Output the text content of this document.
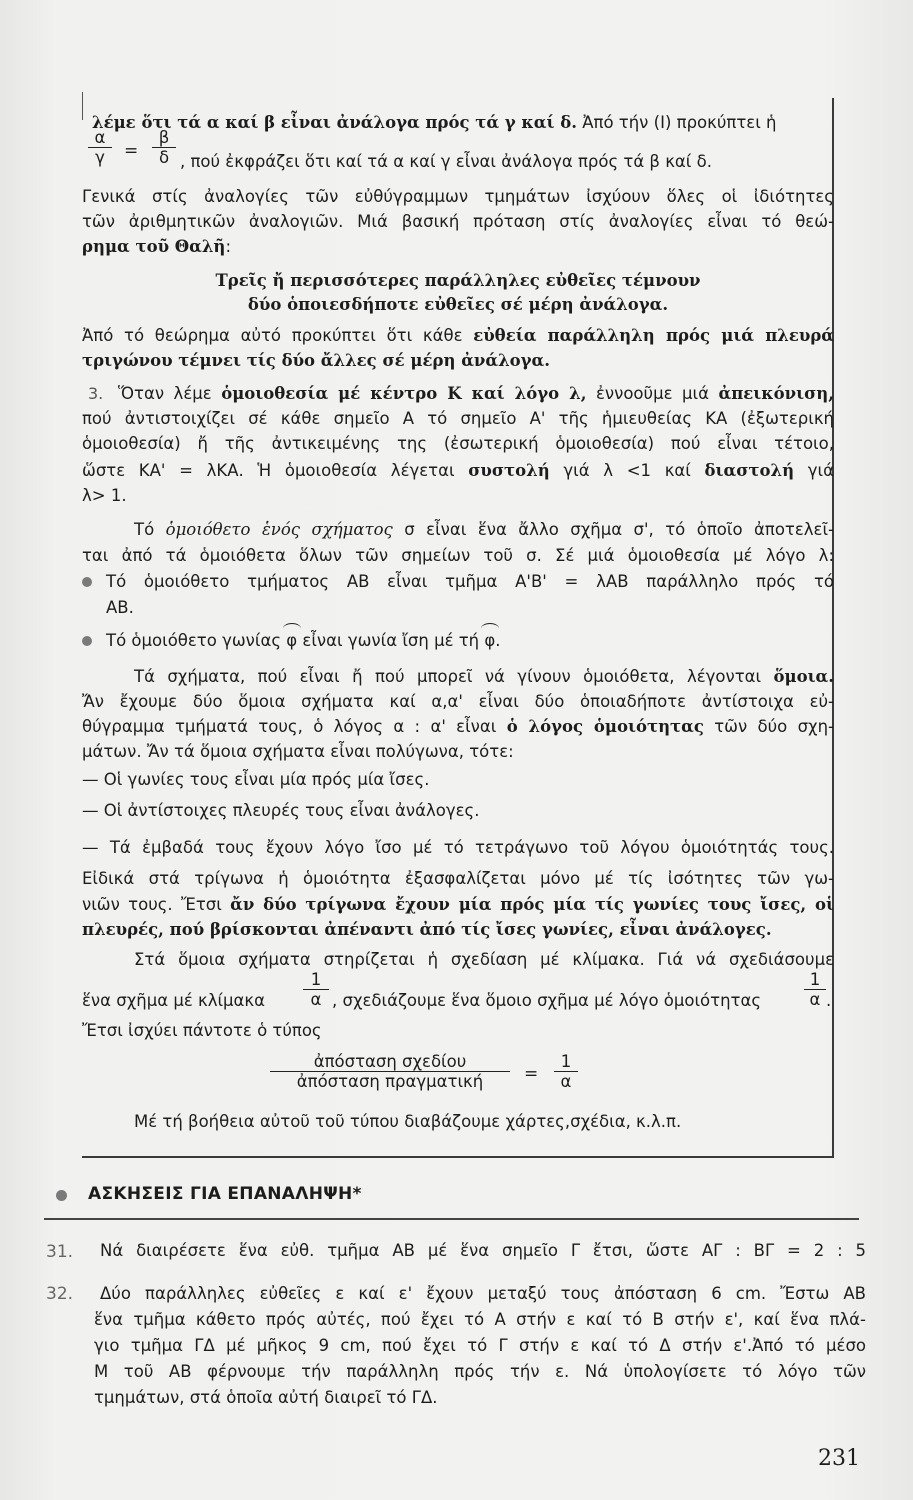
λέμε ὅτι τά α καί β εἶναι ἀνάλογα πρός τά γ καί δ. Ἀπό τήν (Ι) προκύπτει ἡ
$\frac{\alpha}{\gamma} = \frac{\beta}{\delta}$ , πού ἐκφράζει ὅτι καί τά α καί γ εἶναι ἀνάλογα πρός τά β καί δ.
Γενικά στίς ἀναλογίες τῶν εὐθύγραμμων τμημάτων ἰσχύουν ὅλες οἱ ἰδιότητες
τῶν ἀριθμητικῶν ἀναλογιῶν. Μιά βασική πρόταση στίς ἀναλογίες εἶναι τό θεώ-
ρημα τοῦ Θαλῆ:
Τρεῖς ἤ περισσότερες παράλληλες εὐθεῖες τέμνουν
δύο ὁποιεσδήποτε εὐθεῖες σέ μέρη ἀνάλογα.
Ἀπό τό θεώρημα αὐτό προκύπτει ὅτι κάθε εὐθεία παράλληλη πρός μιά πλευρά
τριγώνου τέμνει τίς δύο ἄλλες σέ μέρη ἀνάλογα.
3. Ὅταν λέμε ὁμοιοθεσία μέ κέντρο Κ καί λόγο λ, ἐννοοῦμε μιά ἀπεικόνιση,
πού ἀντιστοιχίζει σέ κάθε σημεῖο Α τό σημεῖο Α' τῆς ἡμιευθείας ΚΑ (ἐξωτερική
ὁμοιοθεσία) ἤ τῆς ἀντικειμένης της (ἐσωτερική ὁμοιοθεσία) πού εἶναι τέτοιο,
ὥστε ΚΑ' = λΚΑ. Ἡ ὁμοιοθεσία λέγεται συστολή γιά λ <1 καί διαστολή γιά
λ> 1.
Τό ὁμοιόθετο ἑνός σχήματος σ εἶναι ἕνα ἄλλο σχῆμα σ', τό ὁποῖο ἀποτελεῖ-
ται ἀπό τά ὁμοιόθετα ὅλων τῶν σημείων τοῦ σ. Σέ μιά ὁμοιοθεσία μέ λόγο λ:
Τό ὁμοιόθετο τμήματος ΑΒ εἶναι τμῆμα Α'Β' = λΑΒ παράλληλο πρός τό
ΑΒ.
Τό ὁμοιόθετο γωνίας
φ εἶναι γωνία ἴση μέ τή
φ.
Τά σχήματα, πού εἶναι ἤ πού μπορεῖ νά γίνουν ὁμοιόθετα, λέγονται ὅμοια.
Ἄν ἔχουμε δύο ὅμοια σχήματα καί α,α' εἶναι δύο ὁποιαδήποτε ἀντίστοιχα εὐ-
θύγραμμα τμήματά τους, ὁ λόγος α : α' εἶναι ὁ λόγος ὁμοιότητας τῶν δύο σχη-
μάτων. Ἄν τά ὅμοια σχήματα εἶναι πολύγωνα, τότε:
— Οἱ γωνίες τους εἶναι μία πρός μία ἴσες.
— Οἱ ἀντίστοιχες πλευρές τους εἶναι ἀνάλογες.
— Τά ἐμβαδά τους ἔχουν λόγο ἴσο μέ τό τετράγωνο τοῦ λόγου ὁμοιότητάς τους.
Εἰδικά στά τρίγωνα ἡ ὁμοιότητα ἐξασφαλίζεται μόνο μέ τίς ἰσότητες τῶν γω-
νιῶν τους. Ἔτσι ἄν δύο τρίγωνα ἔχουν μία πρός μία τίς γωνίες τους ἴσες, οἱ
πλευρές, πού βρίσκονται ἀπέναντι ἀπό τίς ἴσες γωνίες, εἶναι ἀνάλογες.
Στά ὅμοια σχήματα στηρίζεται ἡ σχεδίαση μέ κλίμακα. Γιά νά σχεδιάσουμε
ἕνα σχῆμα μέ κλίμακα	$\frac{1}{\alpha}$ , σχεδιάζουμε ἕνα ὅμοιο σχῆμα μέ λόγο ὁμοιότητας	$\frac{1}{\alpha}$ .
Ἔτσι ἰσχύει πάντοτε ὁ τύπος
ἀπόσταση σχεδίου
ἀπόσταση πραγματική	= $\frac{1}{\alpha}$
Μέ τή βοήθεια αὐτοῦ τοῦ τύπου διαβάζουμε χάρτες,σχέδια, κ.λ.π.
ΑΣΚΗΣΕΙΣ ΓΙΑ ΕΠΑΝΑΛΗΨΗ*
31. Νά διαιρέσετε ἕνα εὐθ. τμῆμα ΑΒ μέ ἕνα σημεῖο Γ ἔτσι, ὥστε ΑΓ : ΒΓ = 2 : 5
32. Δύο παράλληλες εὐθεῖες ε καί ε' ἔχουν μεταξύ τους ἀπόσταση 6 cm. Ἔστω ΑΒ
ἕνα τμῆμα κάθετο πρός αὐτές, πού ἔχει τό Α στήν ε καί τό Β στήν ε', καί ἕνα πλά-
γιο τμῆμα ΓΔ μέ μῆκος 9 cm, πού ἔχει τό Γ στήν ε καί τό Δ στήν ε'.Ἀπό τό μέσο
Μ τοῦ ΑΒ φέρνουμε τήν παράλληλη πρός τήν ε. Νά ὑπολογίσετε τό λόγο τῶν
τμημάτων, στά ὁποῖα αὐτή διαιρεῖ τό ΓΔ.
231
